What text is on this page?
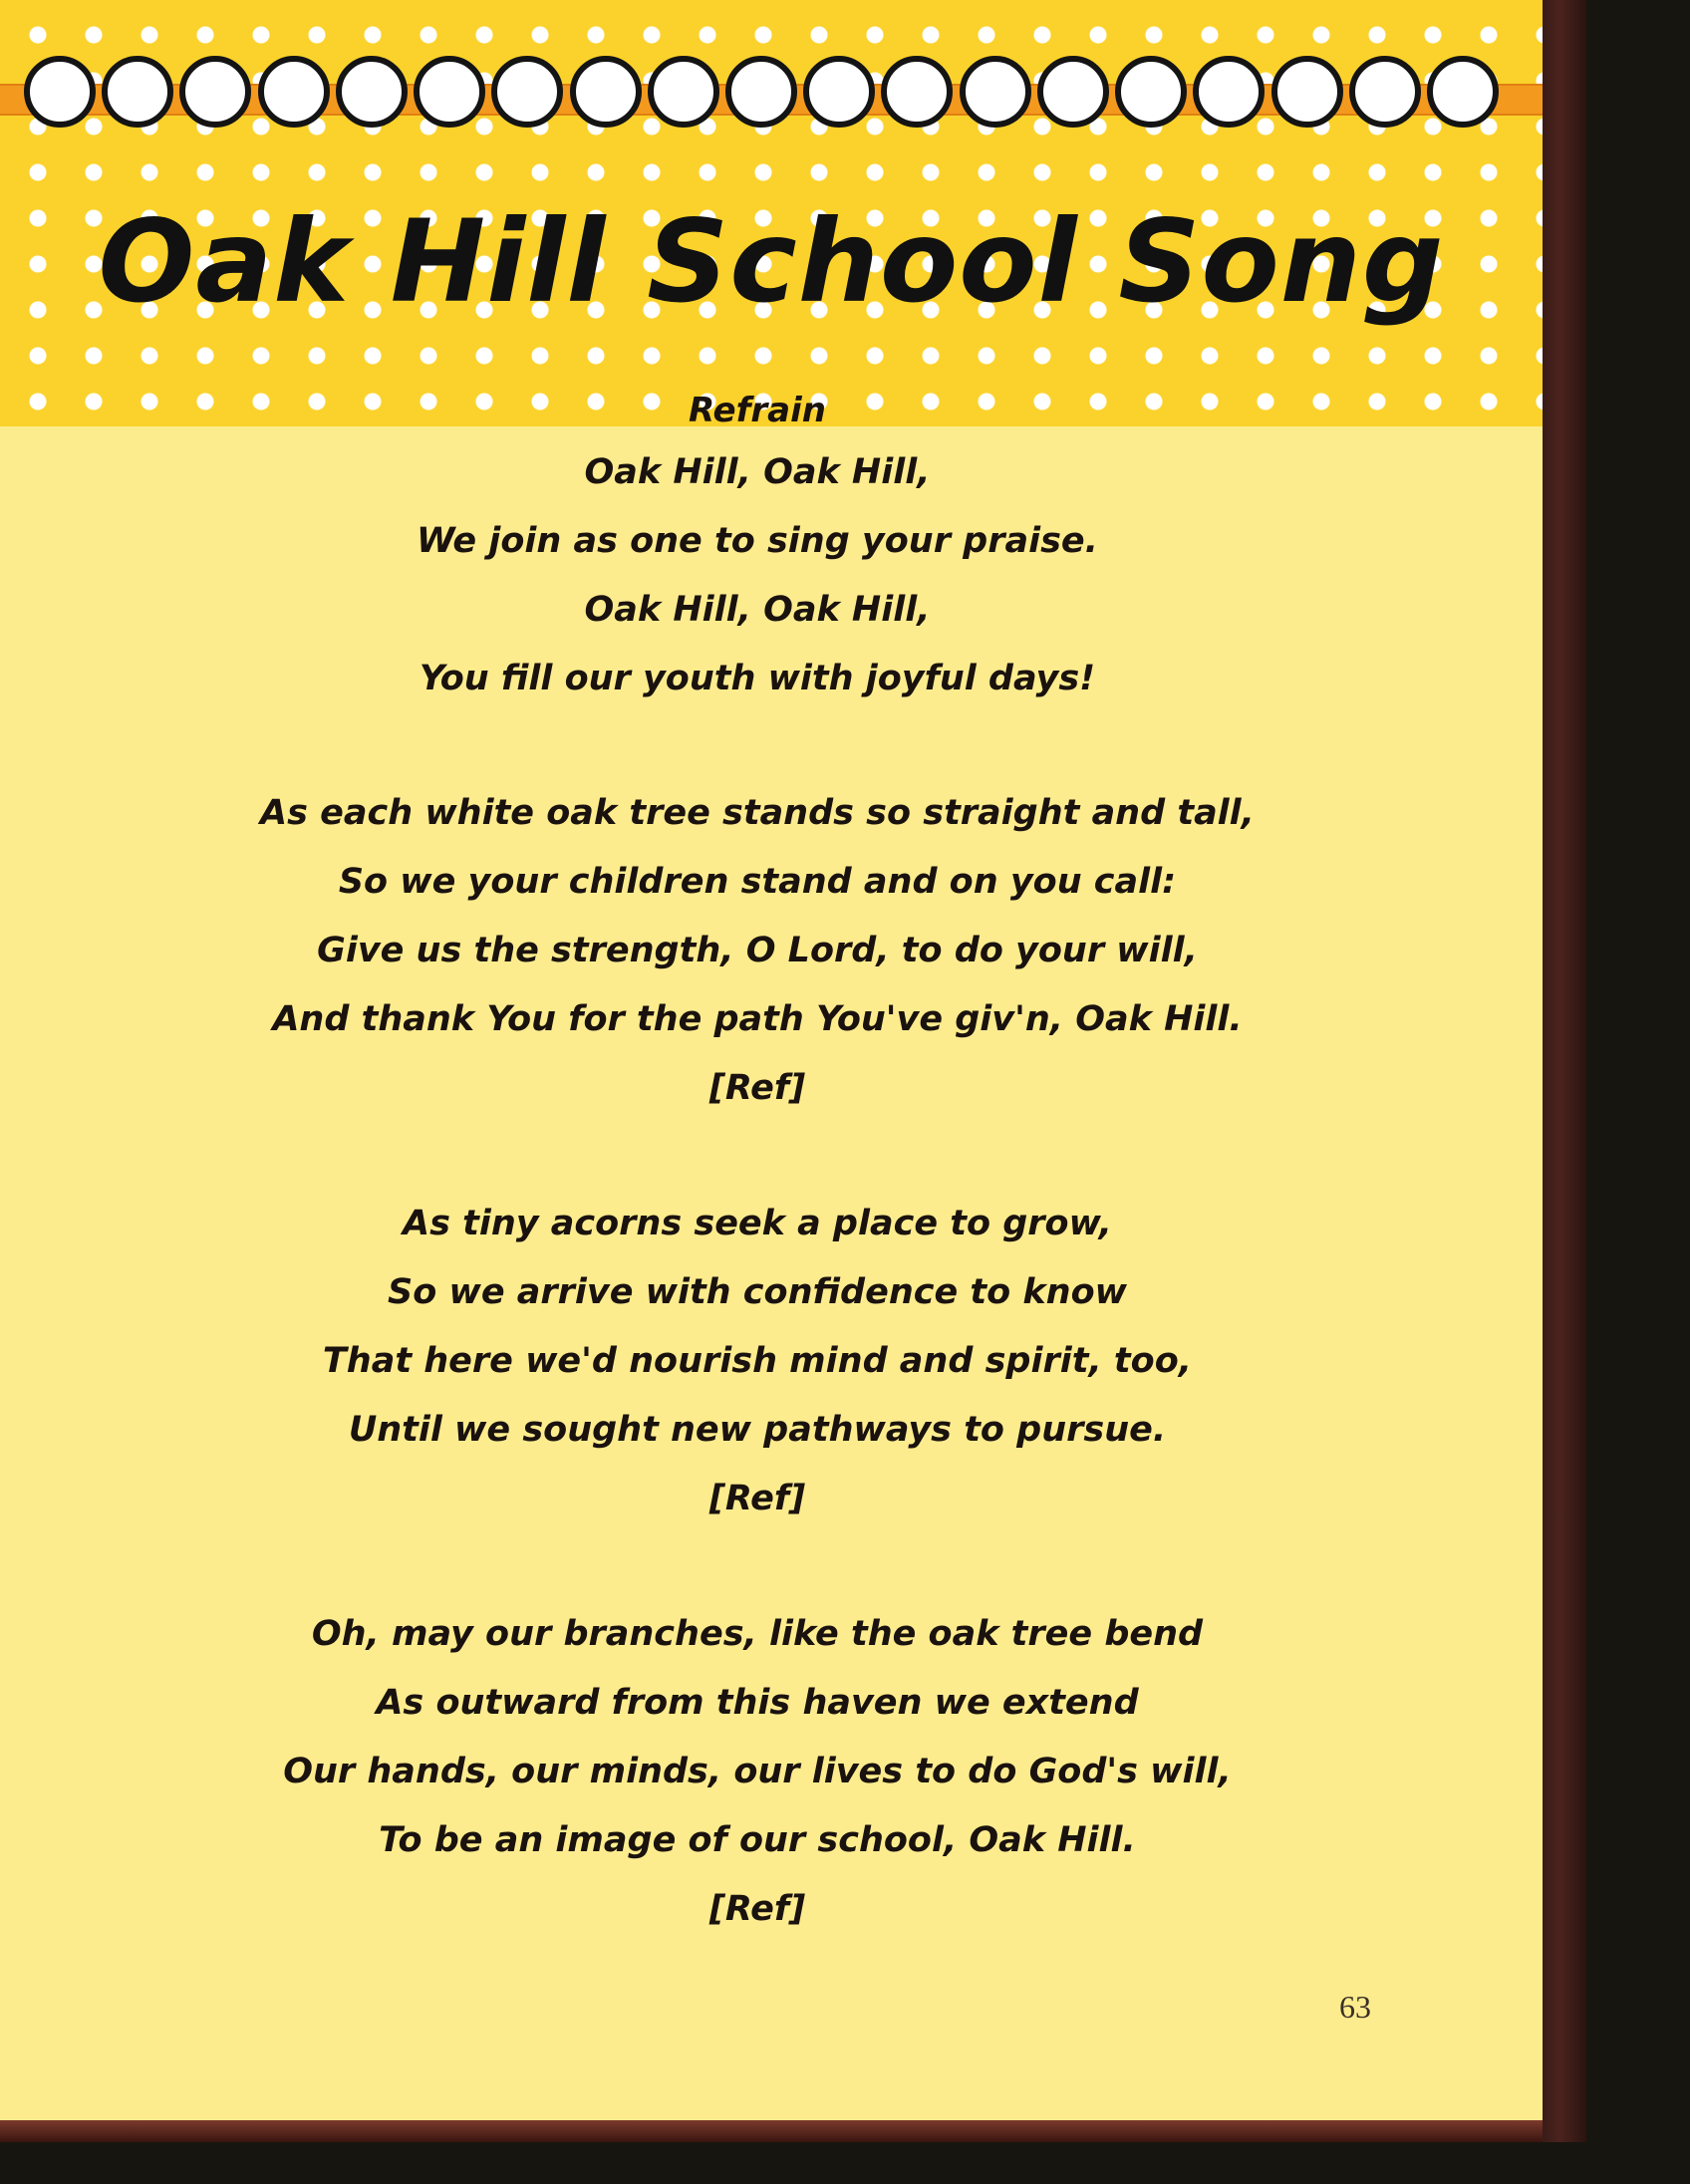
Oak Hill School Song
Refrain
Oak Hill, Oak Hill,
We join as one to sing your praise.
Oak Hill, Oak Hill,
You fill our youth with joyful days!
As each white oak tree stands so straight and tall,
So we your children stand and on you call:
Give us the strength, O Lord, to do your will,
And thank You for the path You've giv'n, Oak Hill.
[Ref]
As tiny acorns seek a place to grow,
So we arrive with confidence to know
That here we'd nourish mind and spirit, too,
Until we sought new pathways to pursue.
[Ref]
Oh, may our branches, like the oak tree bend
As outward from this haven we extend
Our hands, our minds, our lives to do God's will,
To be an image of our school, Oak Hill.
[Ref]
63
